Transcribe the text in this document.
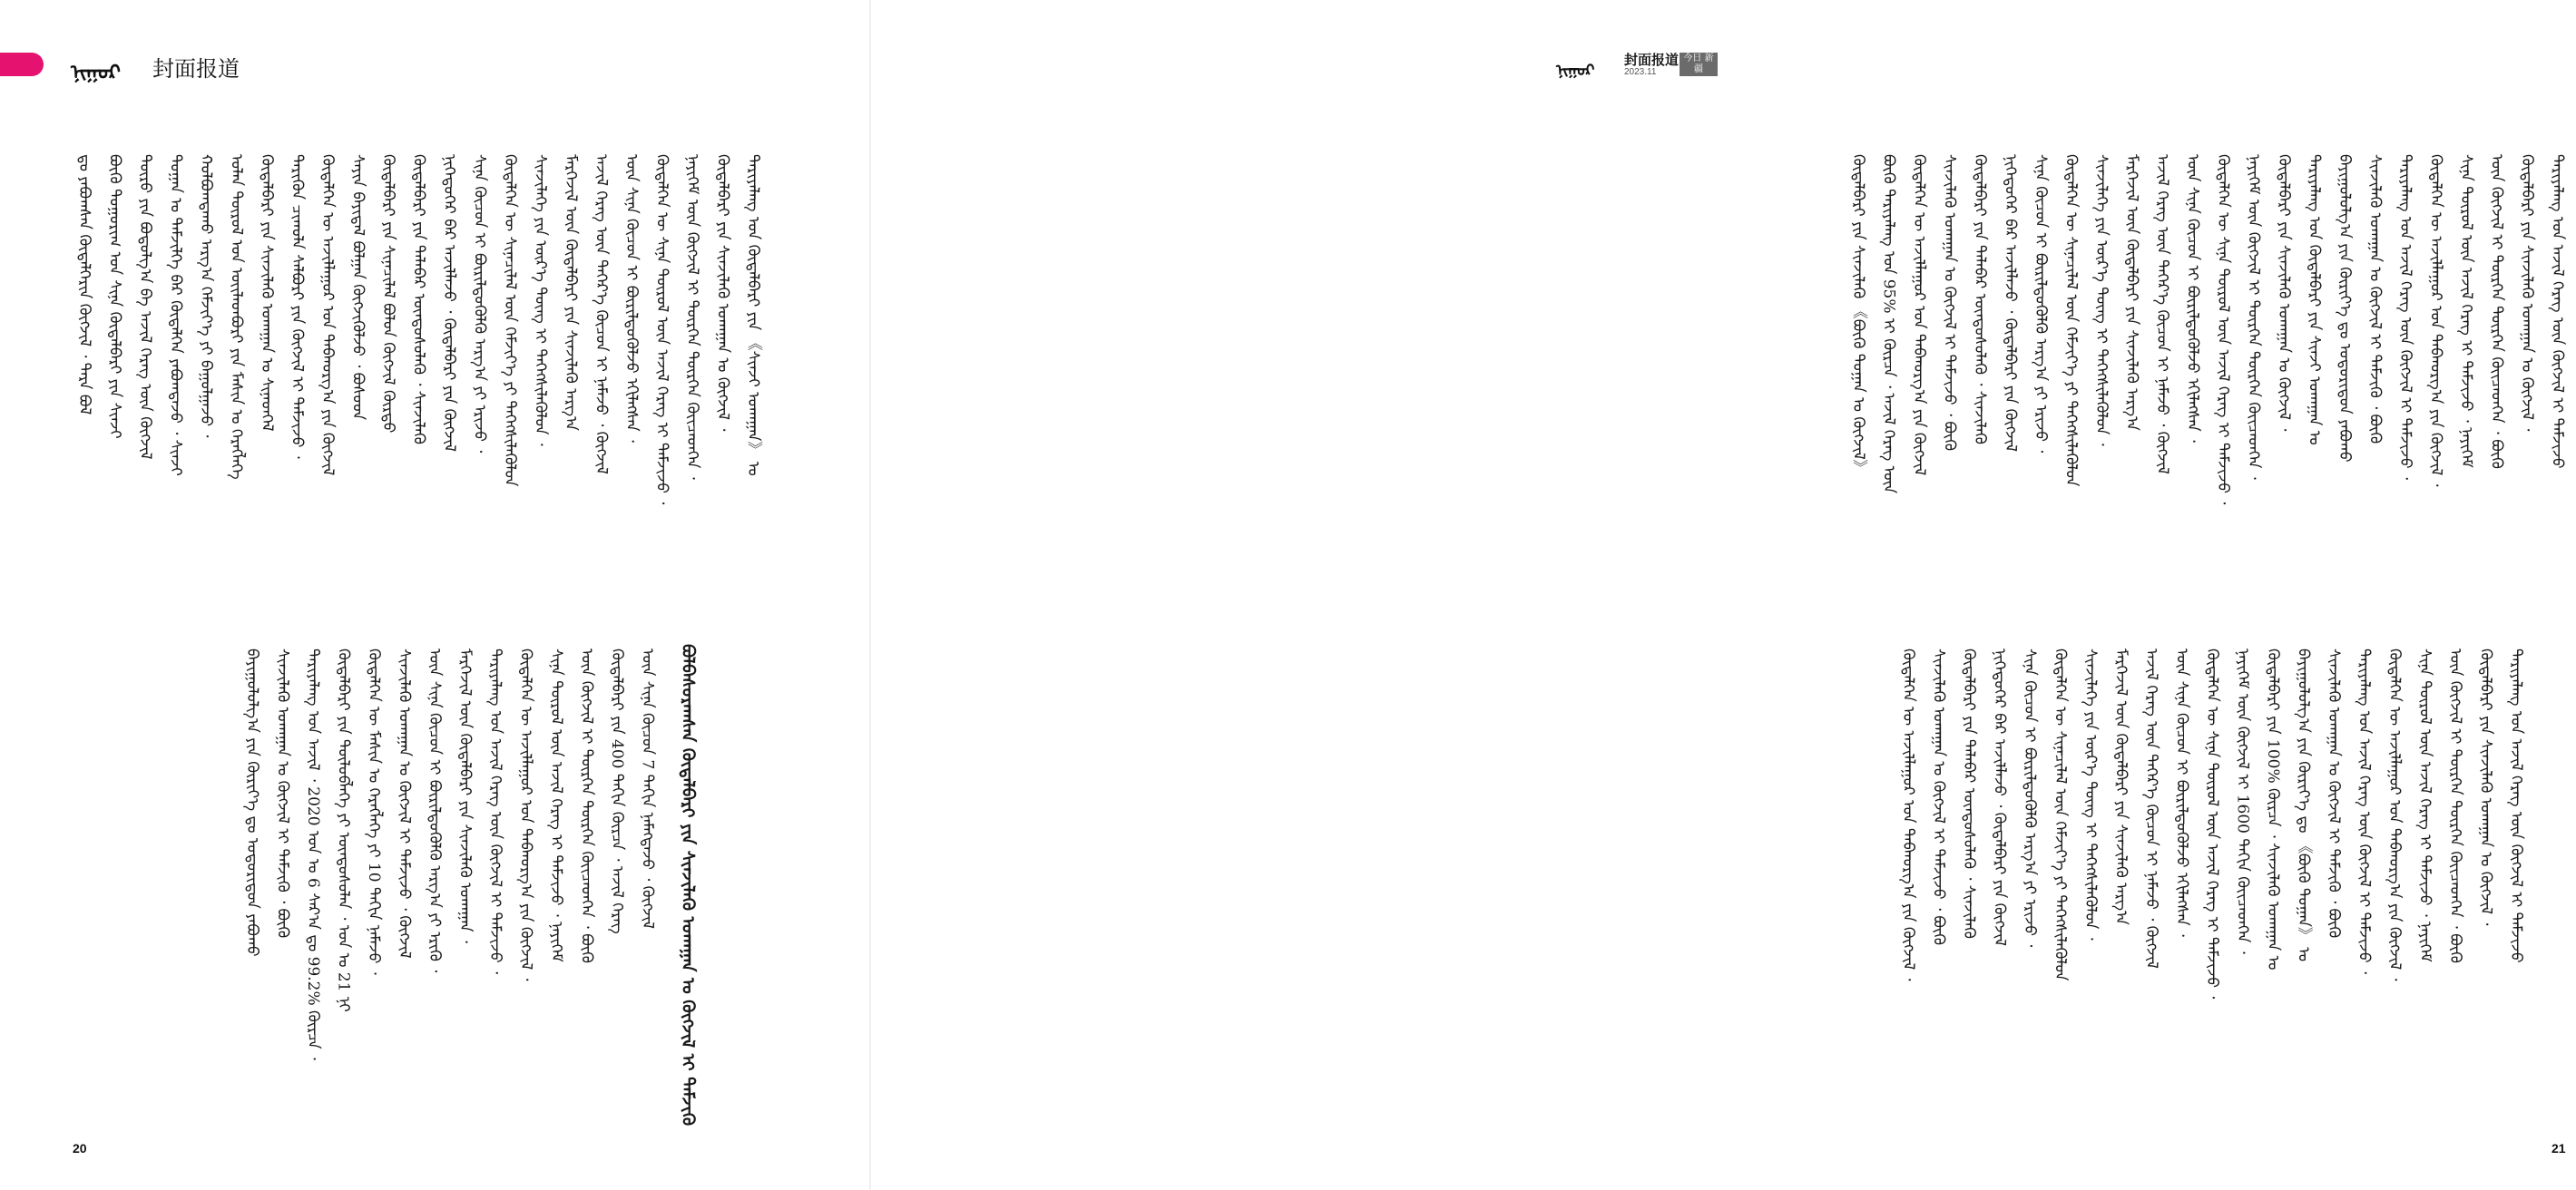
ᠨᠢᠭᠤᠷ 封面报道
ᠳᠤ ᠶᠠᠪᠤᠭᠰᠠᠨ ᠬᠥᠳᠡᠯᠬᠡᠷᠢᠨ ᠬᠥᠭᠵᠢᠯ ᠂ ᠲᠡᠷᠡ ᠪᠤᠯ ᠪᠦᠬᠦ ᠳᠤᠭᠤᠷᠢᠭ ᠤᠨ ᠰᠢᠨᠡ ᠬᠥᠳᠡᠯᠪᠡᠷᠢ ᠶᠢᠨ ᠰᠢᠨᠵᠢ ᠲᠥᠷᠥ ᠶᠢᠨ ᠪᠣᠳᠣᠯᠭ᠎ᠠ ᠪᠠ ᠠᠵᠢᠯ ᠬᠡᠷᠡᠭ ᠦᠨ ᠬᠥᠭᠵᠢᠯ ᠲᠣᠭᠠᠨ ᠤ ᠳᠡᠮᠵᠢᠯᠭᠡ ᠪᠠᠷ ᠬᠥᠳᠡᠯᠭᠡᠨ ᠶᠠᠪᠤᠭᠳᠠᠵᠤ ᠂ ᠰᠢᠨᠵᠢ ᠬᠣᠯᠪᠣᠭᠳᠠᠬᠤ ᠠᠷᠭ᠎ᠠ ᠬᠡᠮᠵᠢᠶ᠎ᠡ ᠶᠢ ᠪᠠᠭᠤᠯᠭᠠᠵᠤ ᠂ ᠣᠯᠠᠨ ᠲᠥᠷᠥᠯ ᠤᠨ ᠦᠢᠯᠡᠳᠪᠦᠷᠢ ᠶᠢᠨ ᠮᠠᠰᠢᠨ ᠤ ᠬᠡᠷᠡᠭᠯᠡᠭᠡ ᠬᠥᠳᠡᠯᠪᠡᠷᠢ ᠶᠢᠨ ᠰᠢᠨᠵᠢᠯᠡᠬᠦ ᠤᠬᠠᠭᠠᠨ ᠤ ᠰᠢᠨᠡᠳᠬᠡᠯ ᠲᠡᠷᠢᠭᠦᠨ ᠴᠢᠬᠤᠯᠠ ᠰᠠᠯᠪᠤᠷᠢ ᠶᠢᠨ ᠬᠥᠭᠵᠢᠯ ᠢ ᠳᠡᠮᠵᠢᠵᠦ ᠂ ᠬᠥᠳᠡᠯᠭᠡᠨ ᠦ ᠠᠵᠢᠯᠯᠠᠭᠤᠷ ᠤᠨ ᠳᠠᠪᠬᠤᠷᠭ᠎ᠠ ᠶᠢᠨ ᠬᠥᠭᠵᠢᠯ ᠰᠠᠶᠢᠨ ᠪᠠᠶᠢᠳᠠᠯ ᠪᠣᠯᠭᠠᠨ ᠬᠥᠭᠵᠢᠭᠦᠯᠵᠦ ᠂ ᠪᠤᠰᠤᠳ ᠬᠥᠳᠡᠯᠪᠡᠷᠢ ᠶᠢᠨ ᠰᠢᠨᠡᠴᠢᠯᠡᠯ ᠪᠣᠯᠤᠨ ᠬᠥᠭᠵᠢᠯ ᠬᠦᠷᠳᠦ ᠬᠥᠳᠡᠯᠪᠡᠷᠢ ᠶᠢᠨ ᠲᠠᠯᠠᠪᠠᠷ ᠦᠨᠳᠦᠰᠦᠯᠡᠬᠦ ᠂ ᠰᠢᠨᠵᠢᠯᠡᠬᠦ ᠨᠢᠭᠡᠳᠦᠭᠡᠷ ᠪᠡᠷ ᠠᠵᠢᠯᠯᠠᠵᠤ ᠂ ᠬᠥᠳᠡᠯᠪᠡᠷᠢ ᠶᠢᠨ ᠬᠥᠭᠵᠢᠯ ᠰᠢᠨᠡ ᠬᠦᠴᠦᠨ ᠢ ᠪᠦᠷᠢᠯᠳᠦᠭᠦᠯᠬᠦ ᠠᠷᠭ᠎ᠠ ᠶᠢ ᠡᠷᠢᠵᠦ ᠂ ᠬᠥᠳᠡᠯᠭᠡᠨ ᠦ ᠰᠢᠨᠡᠴᠢᠯᠡᠯ ᠦᠨ ᠬᠡᠮᠵᠢᠶ᠎ᠡ ᠶᠢ ᠳᠡᠭᠡᠭᠰᠢᠯᠡᠭᠦᠯᠦᠨ ᠰᠢᠨᠵᠢᠯᠡᠭᠡ ᠶᠢᠨ ᠦᠷ᠎ᠡ ᠳᠦᠩ ᠢ ᠳᠡᠭᠡᠭᠰᠢᠯᠡᠭᠦᠯᠦᠨ ᠂ ᠮᠡᠷᠭᠡᠵᠢᠯ ᠦᠨ ᠬᠥᠳᠡᠯᠪᠡᠷᠢ ᠶᠢᠨ ᠰᠢᠨᠵᠢᠯᠡᠬᠦ ᠠᠷᠭ᠎ᠠ ᠠᠵᠢᠯ ᠬᠡᠷᠡᠭ ᠦᠨ ᠳᠡᠭᠡᠷ᠎ᠡ ᠬᠦᠴᠦᠨ ᠢ ᠨᠡᠮᠡᠵᠦ ᠂ ᠬᠥᠭᠵᠢᠯ ᠦᠨ ᠰᠢᠨᠡ ᠬᠦᠴᠦᠨ ᠢ ᠪᠦᠷᠢᠯᠳᠦᠭᠦᠯᠵᠦ ᠡᠬᠢᠯᠡᠭᠰᠡᠨ ᠂ ᠬᠥᠳᠡᠯᠭᠡᠨ ᠦ ᠰᠢᠨᠡ ᠲᠥᠷᠥᠯ ᠦᠨ ᠠᠵᠢᠯ ᠬᠡᠷᠡᠭ ᠢ ᠳᠡᠮᠵᠢᠵᠦ ᠂ ᠨᠡᠶᠢᠭᠡᠮ ᠦᠨ ᠬᠥᠭᠵᠢᠯ ᠢ ᠲᠥᠷᠭᠡᠨ ᠳᠦᠷᠭᠡᠨ ᠭᠦᠢᠴᠡᠳᠭᠡᠨ ᠂ ᠬᠥᠳᠡᠯᠪᠡᠷᠢ ᠶᠢᠨ ᠰᠢᠨᠵᠢᠯᠡᠬᠦ ᠤᠬᠠᠭᠠᠨ ᠤ ᠬᠥᠭᠵᠢᠯ ᠂ ᠲᠠᠷᠢᠶᠠᠯᠠᠩ ᠤᠨ ᠬᠥᠳᠡᠯᠪᠡᠷᠢ ᠶᠢᠨ 《ᠰᠢᠨᠵᠢ ᠤᠬᠠᠭᠠᠨ》 ᠤ
ᠪᠣᠯᠪᠠᠰᠤᠷᠠᠭᠰᠠᠨ ᠬᠥᠳᠡᠯᠪᠡᠷᠢ ᠶᠢᠨ ᠰᠢᠨᠵᠢᠯᠡᠬᠦ ᠤᠬᠠᠭᠠᠨ ᠤ ᠬᠥᠭᠵᠢᠯ ᠢ ᠳᠡᠮᠵᠢᠬᠦ
ᠪᠠᠶᠢᠭᠤᠯᠤᠯᠭ᠎ᠠ ᠶᠢᠨ ᠬᠦᠷᠢᠶ᠎ᠡ ᠳᠤ ᠤᠳᠤᠷᠢᠳᠤᠨ ᠶᠠᠪᠤᠬᠤ ᠰᠢᠨᠵᠢᠯᠡᠬᠦ ᠤᠬᠠᠭᠠᠨ ᠤ ᠬᠥᠭᠵᠢᠯ ᠢ ᠳᠡᠮᠵᠢᠬᠦ ᠂ ᠪᠦᠬᠦ ᠲᠠᠷᠢᠶᠠᠯᠠᠩ ᠤᠨ ᠠᠵᠢᠯ ᠂ 2020 ᠣᠨ ᠤ 6 ᠰᠠᠷ᠎ᠠ ᠳᠤ 99.2% ᠬᠦᠷᠴᠡ ᠂ ᠬᠥᠳᠡᠯᠪᠡᠷᠢ ᠶᠢᠨ ᠲᠥᠯᠥᠪᠯᠡᠭᠡ ᠶᠢ ᠦᠨᠳᠦᠰᠦᠯᠡᠨ ᠂ ᠣᠨ ᠤ 21 ᠨᠢ ᠬᠥᠳᠡᠯᠭᠡᠨ ᠦ ᠮᠠᠰᠢᠨ ᠤ ᠬᠡᠷᠡᠭᠯᠡᠭᠡ ᠶᠢ 10 ᠳᠠᠬᠢᠨ ᠨᠡᠮᠡᠵᠦ ᠂ ᠰᠢᠨᠵᠢᠯᠡᠬᠦ ᠤᠬᠠᠭᠠᠨ ᠤ ᠬᠥᠭᠵᠢᠯ ᠢ ᠳᠡᠮᠵᠢᠵᠦ ᠂ ᠬᠥᠭᠵᠢᠯ ᠦᠨ ᠰᠢᠨᠡ ᠬᠦᠴᠦᠨ ᠢ ᠪᠦᠷᠢᠯᠳᠦᠭᠦᠯᠬᠦ ᠠᠷᠭ᠎ᠠ ᠶᠢ ᠡᠷᠢᠬᠦ ᠂ ᠮᠡᠷᠭᠡᠵᠢᠯ ᠦᠨ ᠬᠥᠳᠡᠯᠪᠡᠷᠢ ᠶᠢᠨ ᠰᠢᠨᠵᠢᠯᠡᠬᠦ ᠤᠬᠠᠭᠠᠨ ᠂ ᠲᠠᠷᠢᠶᠠᠯᠠᠩ ᠤᠨ ᠠᠵᠢᠯ ᠬᠡᠷᠡᠭ ᠦᠨ ᠬᠥᠭᠵᠢᠯ ᠢ ᠳᠡᠮᠵᠢᠵᠦ ᠂ ᠬᠥᠳᠡᠯᠭᠡᠨ ᠦ ᠠᠵᠢᠯᠯᠠᠭᠤᠷ ᠤᠨ ᠳᠠᠪᠬᠤᠷᠭ᠎ᠠ ᠶᠢᠨ ᠬᠥᠭᠵᠢᠯ ᠂ ᠰᠢᠨᠡ ᠲᠥᠷᠥᠯ ᠦᠨ ᠠᠵᠢᠯ ᠬᠡᠷᠡᠭ ᠢ ᠳᠡᠮᠵᠢᠵᠦ ᠂ ᠨᠡᠶᠢᠭᠡᠮ ᠦᠨ ᠬᠥᠭᠵᠢᠯ ᠢ ᠲᠥᠷᠭᠡᠨ ᠳᠦᠷᠭᠡᠨ ᠭᠦᠢᠴᠡᠳᠭᠡᠨ ᠂ ᠪᠦᠬᠦ ᠬᠥᠳᠡᠯᠪᠡᠷᠢ ᠶᠢᠨ 400 ᠳᠠᠬᠢᠨ ᠬᠦᠷᠴᠡ ᠂ ᠠᠵᠢᠯ ᠬᠡᠷᠡᠭ ᠦᠨ ᠰᠢᠨᠡ ᠬᠦᠴᠦᠨ 7 ᠳᠠᠬᠢᠨ ᠨᠡᠮᠡᠭᠳᠡᠵᠦ ᠂ ᠬᠥᠭᠵᠢᠯ
20
ᠬᠥᠳᠡᠯᠪᠡᠷᠢ ᠶᠢᠨ ᠰᠢᠨᠵᠢᠯᠡᠬᠦ 《ᠪᠦᠬᠦ ᠲᠣᠭᠠᠨ ᠤ ᠬᠥᠭᠵᠢᠯ》 ᠪᠦᠬᠦ ᠲᠠᠷᠢᠶᠠᠯᠠᠩ ᠤᠨ 95% ᠢ ᠬᠦᠷᠴᠡ ᠂ ᠠᠵᠢᠯ ᠬᠡᠷᠡᠭ ᠦᠨ ᠬᠥᠳᠡᠯᠭᠡᠨ ᠦ ᠠᠵᠢᠯᠯᠠᠭᠤᠷ ᠤᠨ ᠳᠠᠪᠬᠤᠷᠭ᠎ᠠ ᠶᠢᠨ ᠬᠥᠭᠵᠢᠯ ᠰᠢᠨᠵᠢᠯᠡᠬᠦ ᠤᠬᠠᠭᠠᠨ ᠤ ᠬᠥᠭᠵᠢᠯ ᠢ ᠳᠡᠮᠵᠢᠵᠦ ᠂ ᠪᠦᠬᠦ ᠬᠥᠳᠡᠯᠪᠡᠷᠢ ᠶᠢᠨ ᠲᠠᠯᠠᠪᠠᠷ ᠦᠨᠳᠦᠰᠦᠯᠡᠬᠦ ᠂ ᠰᠢᠨᠵᠢᠯᠡᠬᠦ ᠨᠢᠭᠡᠳᠦᠭᠡᠷ ᠪᠡᠷ ᠠᠵᠢᠯᠯᠠᠵᠤ ᠂ ᠬᠥᠳᠡᠯᠪᠡᠷᠢ ᠶᠢᠨ ᠬᠥᠭᠵᠢᠯ ᠰᠢᠨᠡ ᠬᠦᠴᠦᠨ ᠢ ᠪᠦᠷᠢᠯᠳᠦᠭᠦᠯᠬᠦ ᠠᠷᠭ᠎ᠠ ᠶᠢ ᠡᠷᠢᠵᠦ ᠂ ᠬᠥᠳᠡᠯᠭᠡᠨ ᠦ ᠰᠢᠨᠡᠴᠢᠯᠡᠯ ᠦᠨ ᠬᠡᠮᠵᠢᠶ᠎ᠡ ᠶᠢ ᠳᠡᠭᠡᠭᠰᠢᠯᠡᠭᠦᠯᠦᠨ ᠰᠢᠨᠵᠢᠯᠡᠭᠡ ᠶᠢᠨ ᠦᠷ᠎ᠡ ᠳᠦᠩ ᠢ ᠳᠡᠭᠡᠭᠰᠢᠯᠡᠭᠦᠯᠦᠨ ᠂ ᠮᠡᠷᠭᠡᠵᠢᠯ ᠦᠨ ᠬᠥᠳᠡᠯᠪᠡᠷᠢ ᠶᠢᠨ ᠰᠢᠨᠵᠢᠯᠡᠬᠦ ᠠᠷᠭ᠎ᠠ ᠠᠵᠢᠯ ᠬᠡᠷᠡᠭ ᠦᠨ ᠳᠡᠭᠡᠷ᠎ᠡ ᠬᠦᠴᠦᠨ ᠢ ᠨᠡᠮᠡᠵᠦ ᠂ ᠬᠥᠭᠵᠢᠯ ᠦᠨ ᠰᠢᠨᠡ ᠬᠦᠴᠦᠨ ᠢ ᠪᠦᠷᠢᠯᠳᠦᠭᠦᠯᠵᠦ ᠡᠬᠢᠯᠡᠭᠰᠡᠨ ᠂ ᠬᠥᠳᠡᠯᠭᠡᠨ ᠦ ᠰᠢᠨᠡ ᠲᠥᠷᠥᠯ ᠦᠨ ᠠᠵᠢᠯ ᠬᠡᠷᠡᠭ ᠢ ᠳᠡᠮᠵᠢᠵᠦ ᠂ ᠨᠡᠶᠢᠭᠡᠮ ᠦᠨ ᠬᠥᠭᠵᠢᠯ ᠢ ᠲᠥᠷᠭᠡᠨ ᠳᠦᠷᠭᠡᠨ ᠭᠦᠢᠴᠡᠳᠭᠡᠨ ᠂ ᠬᠥᠳᠡᠯᠪᠡᠷᠢ ᠶᠢᠨ ᠰᠢᠨᠵᠢᠯᠡᠬᠦ ᠤᠬᠠᠭᠠᠨ ᠤ ᠬᠥᠭᠵᠢᠯ ᠂ ᠲᠠᠷᠢᠶᠠᠯᠠᠩ ᠤᠨ ᠬᠥᠳᠡᠯᠪᠡᠷᠢ ᠶᠢᠨ ᠰᠢᠨᠵᠢ ᠤᠬᠠᠭᠠᠨ ᠤ ᠪᠠᠶᠢᠭᠤᠯᠤᠯᠭ᠎ᠠ ᠶᠢᠨ ᠬᠦᠷᠢᠶ᠎ᠡ ᠳᠤ ᠤᠳᠤᠷᠢᠳᠤᠨ ᠶᠠᠪᠤᠬᠤ ᠰᠢᠨᠵᠢᠯᠡᠬᠦ ᠤᠬᠠᠭᠠᠨ ᠤ ᠬᠥᠭᠵᠢᠯ ᠢ ᠳᠡᠮᠵᠢᠬᠦ ᠂ ᠪᠦᠬᠦ ᠲᠠᠷᠢᠶᠠᠯᠠᠩ ᠤᠨ ᠠᠵᠢᠯ ᠬᠡᠷᠡᠭ ᠦᠨ ᠬᠥᠭᠵᠢᠯ ᠢ ᠳᠡᠮᠵᠢᠵᠦ ᠂ ᠬᠥᠳᠡᠯᠭᠡᠨ ᠦ ᠠᠵᠢᠯᠯᠠᠭᠤᠷ ᠤᠨ ᠳᠠᠪᠬᠤᠷᠭ᠎ᠠ ᠶᠢᠨ ᠬᠥᠭᠵᠢᠯ ᠂ ᠰᠢᠨᠡ ᠲᠥᠷᠥᠯ ᠦᠨ ᠠᠵᠢᠯ ᠬᠡᠷᠡᠭ ᠢ ᠳᠡᠮᠵᠢᠵᠦ ᠂ ᠨᠡᠶᠢᠭᠡᠮ ᠦᠨ ᠬᠥᠭᠵᠢᠯ ᠢ ᠲᠥᠷᠭᠡᠨ ᠳᠦᠷᠭᠡᠨ ᠭᠦᠢᠴᠡᠳᠭᠡᠨ ᠂ ᠪᠦᠬᠦ ᠬᠥᠳᠡᠯᠪᠡᠷᠢ ᠶᠢᠨ ᠰᠢᠨᠵᠢᠯᠡᠬᠦ ᠤᠬᠠᠭᠠᠨ ᠤ ᠬᠥᠭᠵᠢᠯ ᠂ ᠲᠠᠷᠢᠶᠠᠯᠠᠩ ᠤᠨ ᠠᠵᠢᠯ ᠬᠡᠷᠡᠭ ᠦᠨ ᠬᠥᠭᠵᠢᠯ ᠢ ᠳᠡᠮᠵᠢᠵᠦ
ᠬᠥᠳᠡᠯᠭᠡᠨ ᠦ ᠠᠵᠢᠯᠯᠠᠭᠤᠷ ᠤᠨ ᠳᠠᠪᠬᠤᠷᠭ᠎ᠠ ᠶᠢᠨ ᠬᠥᠭᠵᠢᠯ ᠂ ᠰᠢᠨᠵᠢᠯᠡᠬᠦ ᠤᠬᠠᠭᠠᠨ ᠤ ᠬᠥᠭᠵᠢᠯ ᠢ ᠳᠡᠮᠵᠢᠵᠦ ᠂ ᠪᠦᠬᠦ ᠬᠥᠳᠡᠯᠪᠡᠷᠢ ᠶᠢᠨ ᠲᠠᠯᠠᠪᠠᠷ ᠦᠨᠳᠦᠰᠦᠯᠡᠬᠦ ᠂ ᠰᠢᠨᠵᠢᠯᠡᠬᠦ ᠨᠢᠭᠡᠳᠦᠭᠡᠷ ᠪᠡᠷ ᠠᠵᠢᠯᠯᠠᠵᠤ ᠂ ᠬᠥᠳᠡᠯᠪᠡᠷᠢ ᠶᠢᠨ ᠬᠥᠭᠵᠢᠯ ᠰᠢᠨᠡ ᠬᠦᠴᠦᠨ ᠢ ᠪᠦᠷᠢᠯᠳᠦᠭᠦᠯᠬᠦ ᠠᠷᠭ᠎ᠠ ᠶᠢ ᠡᠷᠢᠵᠦ ᠂ ᠬᠥᠳᠡᠯᠭᠡᠨ ᠦ ᠰᠢᠨᠡᠴᠢᠯᠡᠯ ᠦᠨ ᠬᠡᠮᠵᠢᠶ᠎ᠡ ᠶᠢ ᠳᠡᠭᠡᠭᠰᠢᠯᠡᠭᠦᠯᠦᠨ ᠰᠢᠨᠵᠢᠯᠡᠭᠡ ᠶᠢᠨ ᠦᠷ᠎ᠡ ᠳᠦᠩ ᠢ ᠳᠡᠭᠡᠭᠰᠢᠯᠡᠭᠦᠯᠦᠨ ᠂ ᠮᠡᠷᠭᠡᠵᠢᠯ ᠦᠨ ᠬᠥᠳᠡᠯᠪᠡᠷᠢ ᠶᠢᠨ ᠰᠢᠨᠵᠢᠯᠡᠬᠦ ᠠᠷᠭ᠎ᠠ ᠠᠵᠢᠯ ᠬᠡᠷᠡᠭ ᠦᠨ ᠳᠡᠭᠡᠷ᠎ᠡ ᠬᠦᠴᠦᠨ ᠢ ᠨᠡᠮᠡᠵᠦ ᠂ ᠬᠥᠭᠵᠢᠯ ᠦᠨ ᠰᠢᠨᠡ ᠬᠦᠴᠦᠨ ᠢ ᠪᠦᠷᠢᠯᠳᠦᠭᠦᠯᠵᠦ ᠡᠬᠢᠯᠡᠭᠰᠡᠨ ᠂ ᠬᠥᠳᠡᠯᠭᠡᠨ ᠦ ᠰᠢᠨᠡ ᠲᠥᠷᠥᠯ ᠦᠨ ᠠᠵᠢᠯ ᠬᠡᠷᠡᠭ ᠢ ᠳᠡᠮᠵᠢᠵᠦ ᠂ ᠨᠡᠶᠢᠭᠡᠮ ᠦᠨ ᠬᠥᠭᠵᠢᠯ ᠢ 1600 ᠳᠠᠬᠢᠨ ᠭᠦᠢᠴᠡᠳᠭᠡᠨ ᠂ ᠬᠥᠳᠡᠯᠪᠡᠷᠢ ᠶᠢᠨ 100% ᠬᠦᠷᠴᠡ ᠂ ᠰᠢᠨᠵᠢᠯᠡᠬᠦ ᠤᠬᠠᠭᠠᠨ ᠤ ᠪᠠᠶᠢᠭᠤᠯᠤᠯᠭ᠎ᠠ ᠶᠢᠨ ᠬᠦᠷᠢᠶ᠎ᠡ ᠳᠤ 《ᠪᠦᠬᠦ ᠲᠣᠭᠠᠨ》 ᠤ ᠰᠢᠨᠵᠢᠯᠡᠬᠦ ᠤᠬᠠᠭᠠᠨ ᠤ ᠬᠥᠭᠵᠢᠯ ᠢ ᠳᠡᠮᠵᠢᠬᠦ ᠂ ᠪᠦᠬᠦ ᠲᠠᠷᠢᠶᠠᠯᠠᠩ ᠤᠨ ᠠᠵᠢᠯ ᠬᠡᠷᠡᠭ ᠦᠨ ᠬᠥᠭᠵᠢᠯ ᠢ ᠳᠡᠮᠵᠢᠵᠦ ᠂ ᠬᠥᠳᠡᠯᠭᠡᠨ ᠦ ᠠᠵᠢᠯᠯᠠᠭᠤᠷ ᠤᠨ ᠳᠠᠪᠬᠤᠷᠭ᠎ᠠ ᠶᠢᠨ ᠬᠥᠭᠵᠢᠯ ᠂ ᠰᠢᠨᠡ ᠲᠥᠷᠥᠯ ᠦᠨ ᠠᠵᠢᠯ ᠬᠡᠷᠡᠭ ᠢ ᠳᠡᠮᠵᠢᠵᠦ ᠂ ᠨᠡᠶᠢᠭᠡᠮ ᠦᠨ ᠬᠥᠭᠵᠢᠯ ᠢ ᠲᠥᠷᠭᠡᠨ ᠳᠦᠷᠭᠡᠨ ᠭᠦᠢᠴᠡᠳᠭᠡᠨ ᠂ ᠪᠦᠬᠦ ᠬᠥᠳᠡᠯᠪᠡᠷᠢ ᠶᠢᠨ ᠰᠢᠨᠵᠢᠯᠡᠬᠦ ᠤᠬᠠᠭᠠᠨ ᠤ ᠬᠥᠭᠵᠢᠯ ᠂ ᠲᠠᠷᠢᠶᠠᠯᠠᠩ ᠤᠨ ᠠᠵᠢᠯ ᠬᠡᠷᠡᠭ ᠦᠨ ᠬᠥᠭᠵᠢᠯ ᠢ ᠳᠡᠮᠵᠢᠵᠦ
21
ᠨᠢᠭᠤᠷ
封面报道
2023.11
今日 新疆
